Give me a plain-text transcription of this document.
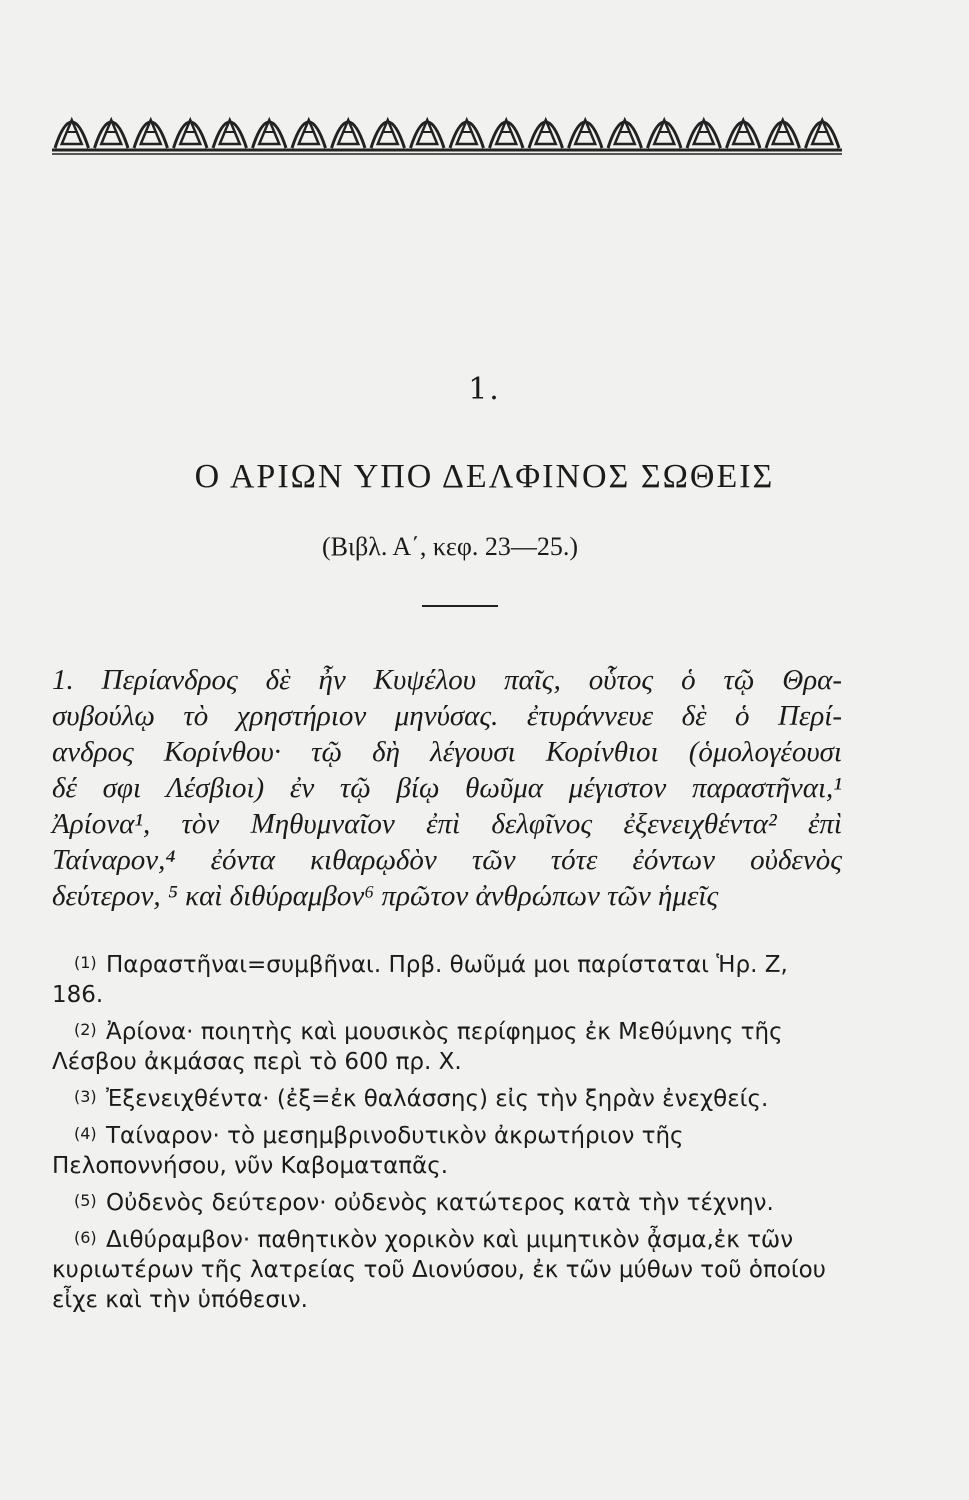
1.
Ο ΑΡΙΩΝ ΥΠΟ ΔΕΛΦΙΝΟΣ ΣΩΘΕΙΣ
(Βιβλ. Α΄, κεφ. 23—25.)
1. Περίανδρος δὲ ἦν Κυψέλου παῖς, οὗτος ὁ τῷ Θρα-
συβούλῳ τὸ χρηστήριον μηνύσας. ἐτυράννευε δὲ ὁ Περί-
ανδρος Κορίνθου· τῷ δὴ λέγουσι Κορίνθιοι (ὁμολογέουσι
δέ σφι Λέσβιοι) ἐν τῷ βίῳ θωῦμα μέγιστον παραστῆναι,¹
Ἀρίονα¹, τὸν Μηθυμναῖον ἐπὶ δελφῖνος ἐξενειχθέντα² ἐπὶ
Ταίναρον,⁴ ἐόντα κιθαρῳδὸν τῶν τότε ἐόντων οὐδενὸς
δεύτερον, ⁵ καὶ διθύραμβον⁶ πρῶτον ἀνθρώπων τῶν ἡμεῖς
(1) Παραστῆναι=συμβῆναι. Πρβ. θωῦμά μοι παρίσταται Ἡρ. Ζ, 186.
(2) Ἀρίονα· ποιητὴς καὶ μουσικὸς περίφημος ἐκ Μεθύμνης τῆς Λέσβου ἀκμάσας περὶ τὸ 600 πρ. Χ.
(3) Ἐξενειχθέντα· (ἐξ=ἐκ θαλάσσης) εἰς τὴν ξηρὰν ἐνεχθείς.
(4) Ταίναρον· τὸ μεσημβρινοδυτικὸν ἀκρωτήριον τῆς Πελοποννήσου, νῦν Καβοματαπᾶς.
(5) Οὐδενὸς δεύτερον· οὐδενὸς κατώτερος κατὰ τὴν τέχνην.
(6) Διθύραμβον· παθητικὸν χορικὸν καὶ μιμητικὸν ᾆσμα,ἐκ τῶν κυριωτέρων τῆς λατρείας τοῦ Διονύσου, ἐκ τῶν μύθων τοῦ ὁποίου εἶχε καὶ τὴν ὑπόθεσιν.
